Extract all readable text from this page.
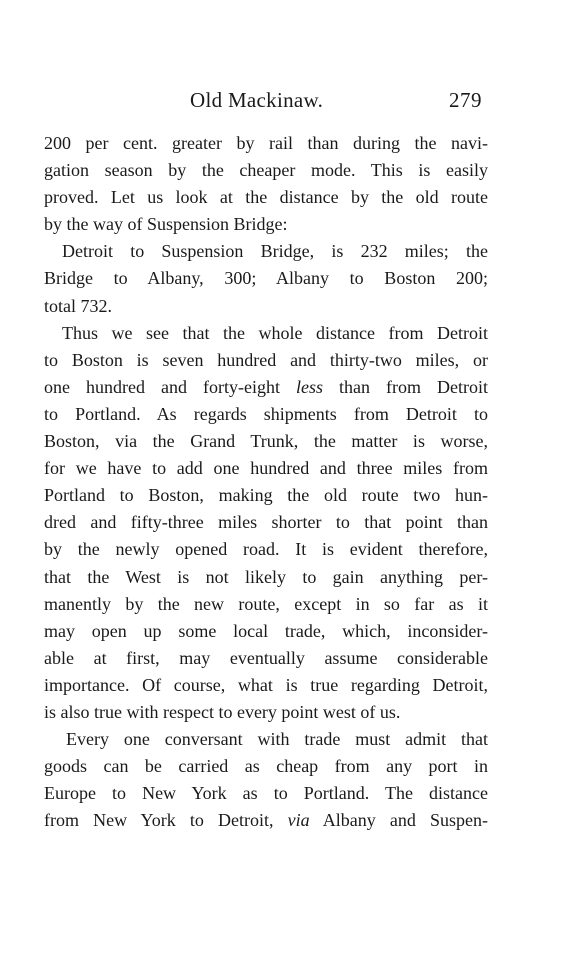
Old Mackinaw.	279
200 per cent. greater by rail than during the navi-
gation season by the cheaper mode. This is easily
proved. Let us look at the distance by the old route
by the way of Suspension Bridge:
Detroit to Suspension Bridge, is 232 miles; the
Bridge to Albany, 300; Albany to Boston 200;
total 732.
Thus we see that the whole distance from Detroit
to Boston is seven hundred and thirty-two miles, or
one hundred and forty-eight less than from Detroit
to Portland. As regards shipments from Detroit to
Boston, via the Grand Trunk, the matter is worse,
for we have to add one hundred and three miles from
Portland to Boston, making the old route two hun-
dred and fifty-three miles shorter to that point than
by the newly opened road. It is evident therefore,
that the West is not likely to gain anything per-
manently by the new route, except in so far as it
may open up some local trade, which, inconsider-
able at first, may eventually assume considerable
importance. Of course, what is true regarding Detroit,
is also true with respect to every point west of us.
Every one conversant with trade must admit that
goods can be carried as cheap from any port in
Europe to New York as to Portland. The distance
from New York to Detroit, via Albany and Suspen-
